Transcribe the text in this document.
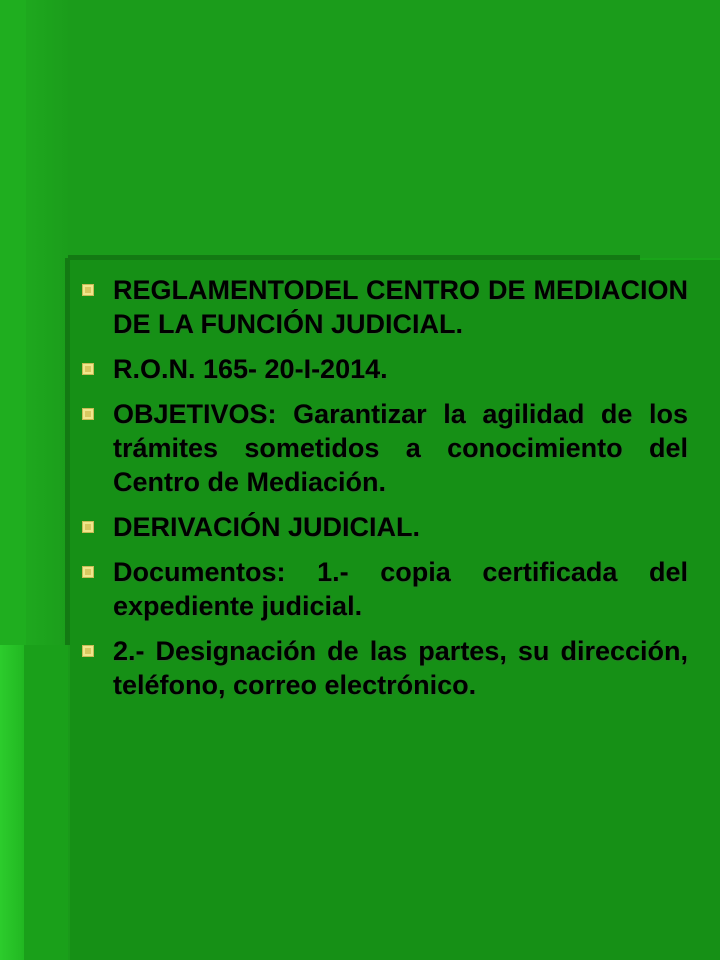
REGLAMENTODEL CENTRO DE MEDIACION DE LA FUNCIÓN JUDICIAL.
R.O.N. 165- 20-I-2014.
OBJETIVOS: Garantizar la agilidad de los trámites sometidos a conocimiento del Centro de Mediación.
DERIVACIÓN JUDICIAL.
Documentos: 1.- copia certificada del expediente judicial.
2.- Designación de las partes, su dirección, teléfono, correo electrónico.
